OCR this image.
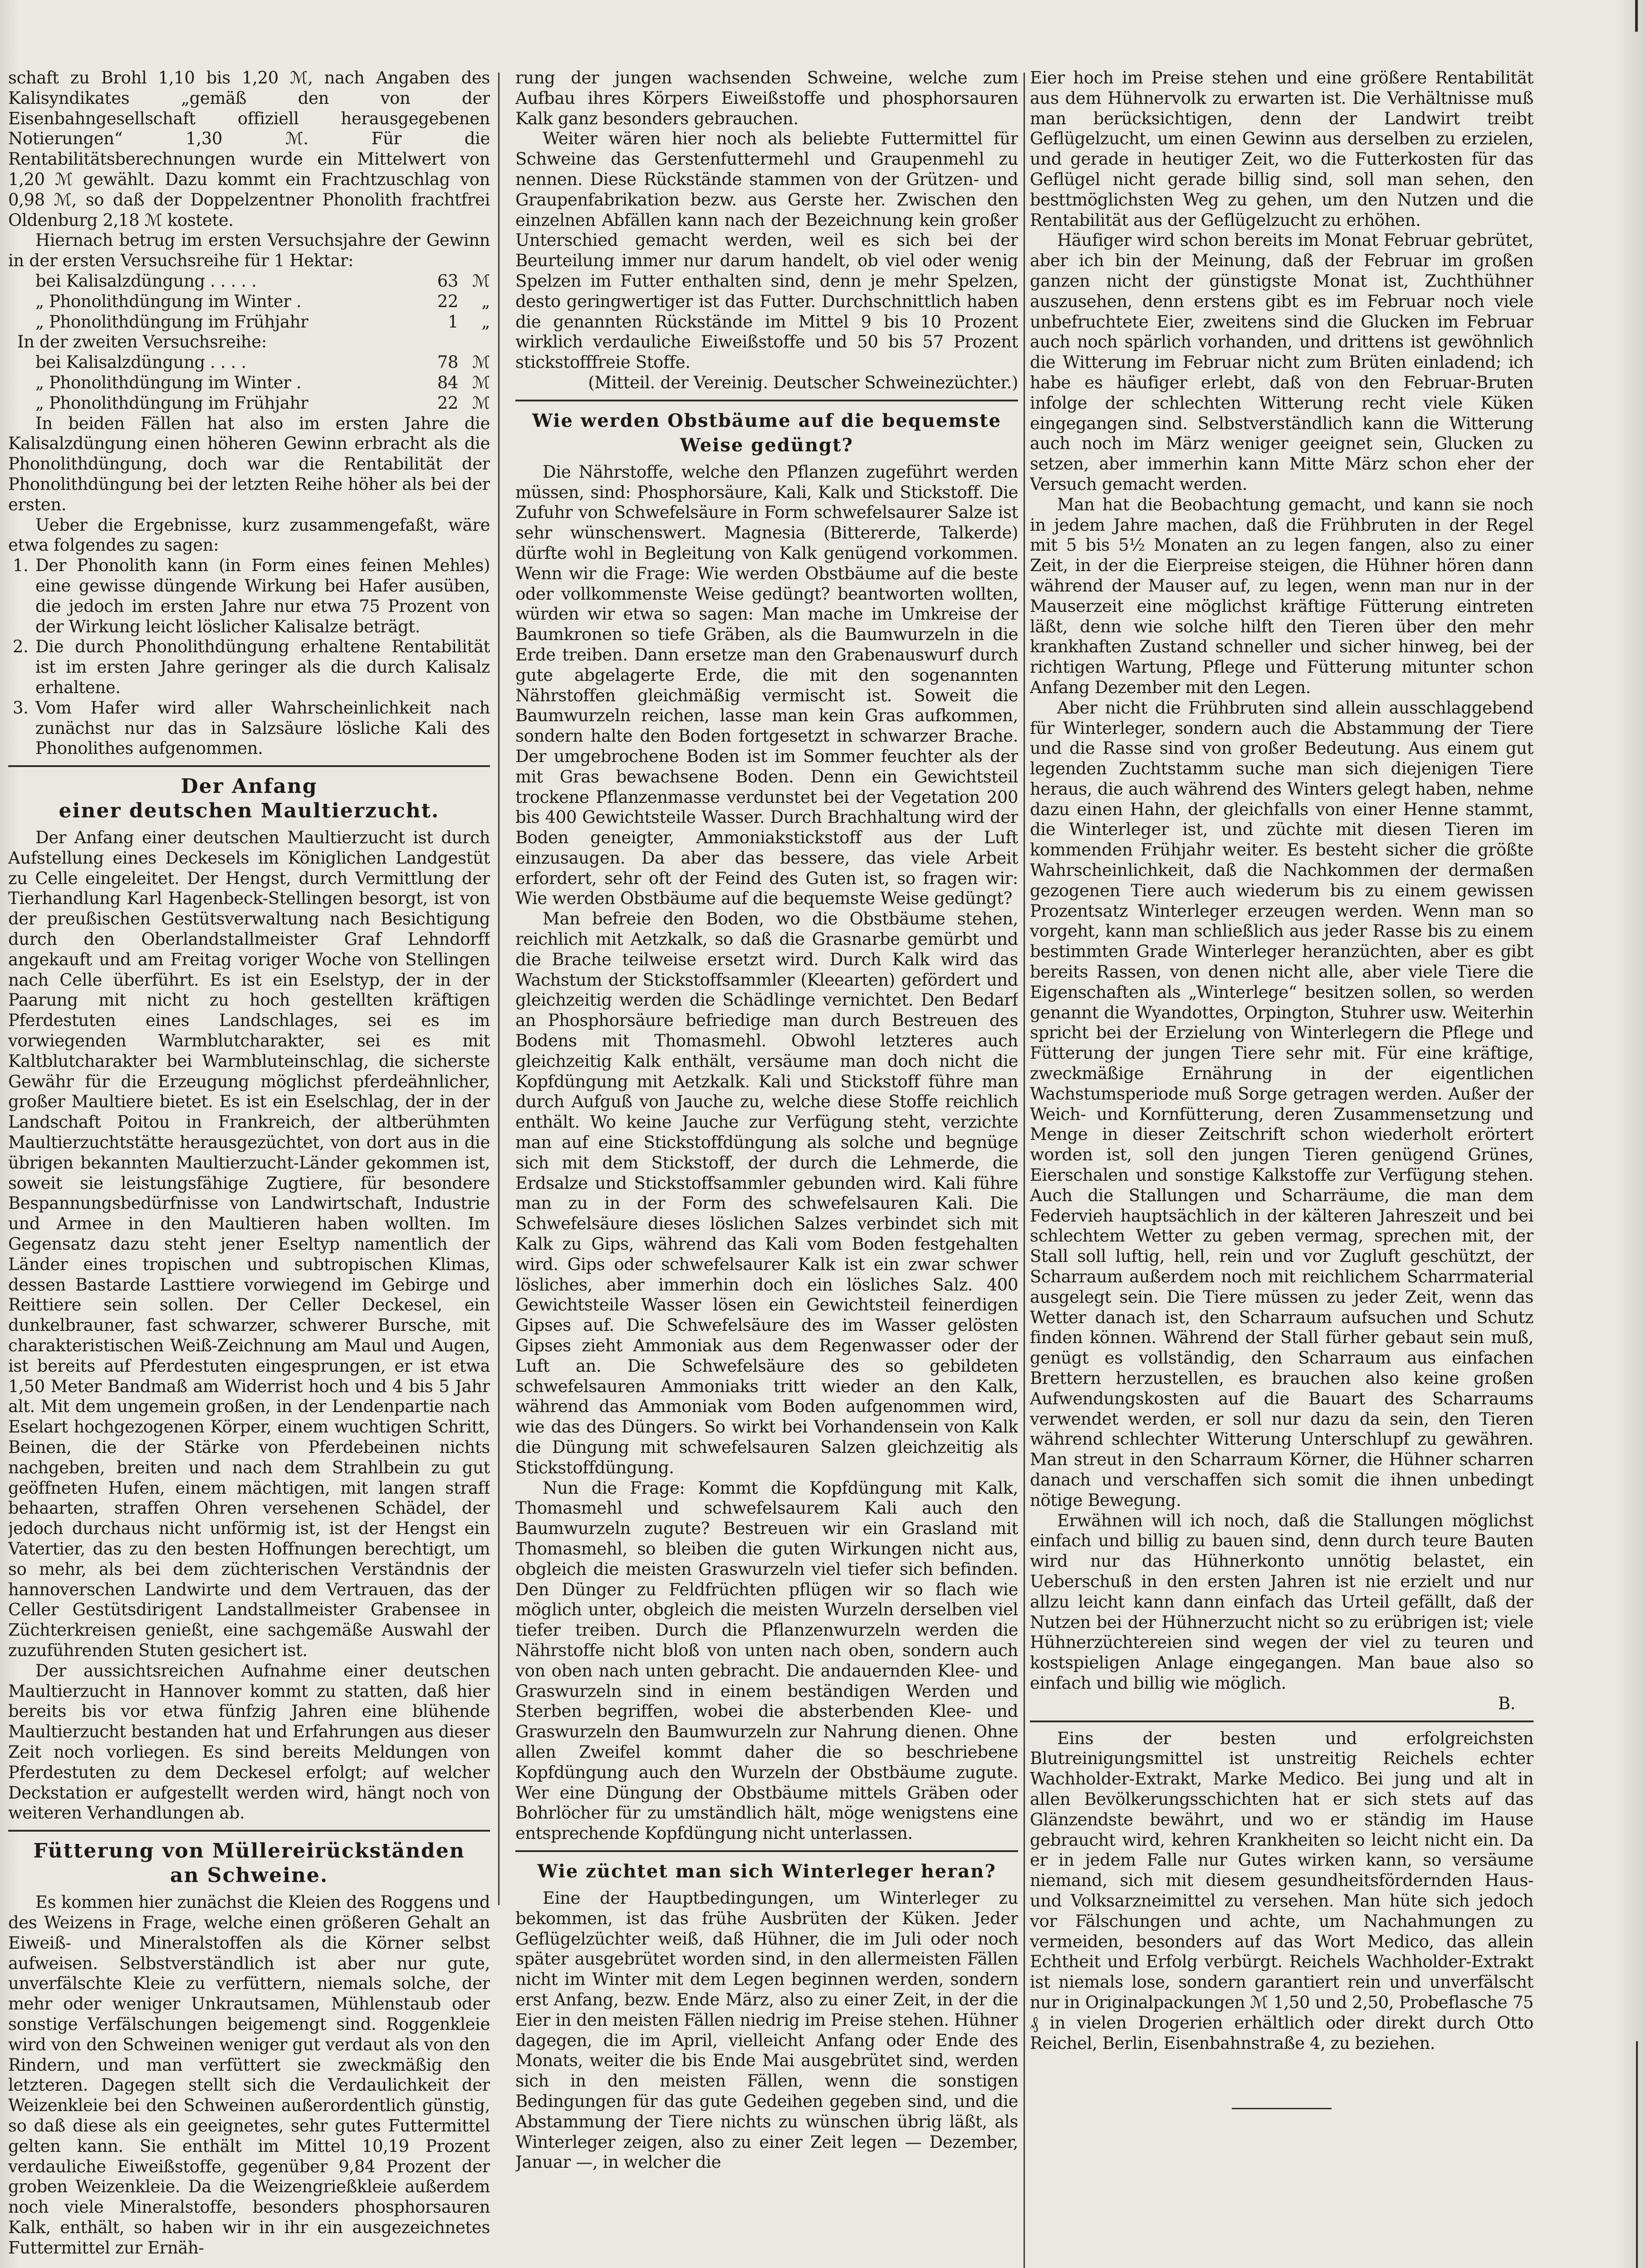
schaft zu Brohl 1,10 bis 1,20 ℳ, nach Angaben des Kalisyndikates „gemäß den von der Eisenbahngesellschaft offiziell herausgegebenen Notierungen“ 1,30 ℳ. Für die Rentabilitätsberechnungen wurde ein Mittelwert von 1,20 ℳ gewählt. Dazu kommt ein Frachtzuschlag von 0,98 ℳ, so daß der Doppelzentner Phonolith frachtfrei Oldenburg 2,18 ℳ kostete.

Hiernach betrug im ersten Versuchsjahre der Gewinn in der ersten Versuchsreihe für 1 Hektar:

bei Kalisalzdüngung . . . . .	63 ℳ
„ Phonolithdüngung im Winter .	22	„
„ Phonolithdüngung im Frühjahr	1	„

In der zweiten Versuchsreihe:

bei Kalisalzdüngung . . . .	78 ℳ
„ Phonolithdüngung im Winter .	84 ℳ
„ Phonolithdüngung im Frühjahr	22 ℳ

In beiden Fällen hat also im ersten Jahre die Kalisalzdüngung einen höheren Gewinn erbracht als die Phonolithdüngung, doch war die Rentabilität der Phonolithdüngung bei der letzten Reihe höher als bei der ersten.

Ueber die Ergebnisse, kurz zusammengefaßt, wäre etwa folgendes zu sagen:

1. Der Phonolith kann (in Form eines feinen Mehles) eine gewisse düngende Wirkung bei Hafer ausüben, die jedoch im ersten Jahre nur etwa 75 Prozent von der Wirkung leicht löslicher Kalisalze beträgt.
2. Die durch Phonolithdüngung erhaltene Rentabilität ist im ersten Jahre geringer als die durch Kalisalz erhaltene.
3. Vom Hafer wird aller Wahrscheinlichkeit nach zunächst nur das in Salzsäure lösliche Kali des Phonolithes aufgenommen.
Der Anfang
einer deutschen Maultierzucht.

Der Anfang einer deutschen Maultierzucht ist durch Aufstellung eines Deckesels im Königlichen Landgestüt zu Celle eingeleitet. Der Hengst, durch Vermittlung der Tierhandlung Karl Hagenbeck-Stellingen besorgt, ist von der preußischen Gestütsverwaltung nach Besichtigung durch den Oberlandstallmeister Graf Lehndorff angekauft und am Freitag voriger Woche von Stellingen nach Celle überführt. Es ist ein Eselstyp, der in der Paarung mit nicht zu hoch gestellten kräftigen Pferdestuten eines Landschlages, sei es im vorwiegenden Warmblutcharakter, sei es mit Kaltblutcharakter bei Warmbluteinschlag, die sicherste Gewähr für die Erzeugung möglichst pferdeähnlicher, großer Maultiere bietet. Es ist ein Eselschlag, der in der Landschaft Poitou in Frankreich, der altberühmten Maultierzuchtstätte herausgezüchtet, von dort aus in die übrigen bekannten Maultierzucht-Länder gekommen ist, soweit sie leistungsfähige Zugtiere, für besondere Bespannungsbedürfnisse von Landwirtschaft, Industrie und Armee in den Maultieren haben wollten. Im Gegensatz dazu steht jener Eseltyp namentlich der Länder eines tropischen und subtropischen Klimas, dessen Bastarde Lasttiere vorwiegend im Gebirge und Reittiere sein sollen. Der Celler Deckesel, ein dunkelbrauner, fast schwarzer, schwerer Bursche, mit charakteristischen Weiß-Zeichnung am Maul und Augen, ist bereits auf Pferdestuten eingesprungen, er ist etwa 1,50 Meter Bandmaß am Widerrist hoch und 4 bis 5 Jahr alt. Mit dem ungemein großen, in der Lendenpartie nach Eselart hochgezogenen Körper, einem wuchtigen Schritt, Beinen, die der Stärke von Pferdebeinen nichts nachgeben, breiten und nach dem Strahlbein zu gut geöffneten Hufen, einem mächtigen, mit langen straff behaarten, straffen Ohren versehenen Schädel, der jedoch durchaus nicht unförmig ist, ist der Hengst ein Vatertier, das zu den besten Hoffnungen berechtigt, um so mehr, als bei dem züchterischen Verständnis der hannoverschen Landwirte und dem Vertrauen, das der Celler Gestütsdirigent Landstallmeister Grabensee in Züchterkreisen genießt, eine sachgemäße Auswahl der zuzuführenden Stuten gesichert ist.

Der aussichtsreichen Aufnahme einer deutschen Maultierzucht in Hannover kommt zu statten, daß hier bereits bis vor etwa fünfzig Jahren eine blühende Maultierzucht bestanden hat und Erfahrungen aus dieser Zeit noch vorliegen. Es sind bereits Meldungen von Pferdestuten zu dem Deckesel erfolgt; auf welcher Deckstation er aufgestellt werden wird, hängt noch von weiteren Verhandlungen ab.

Fütterung von Müllereirückständen
an Schweine.

Es kommen hier zunächst die Kleien des Roggens und des Weizens in Frage, welche einen größeren Gehalt an Eiweiß- und Mineralstoffen als die Körner selbst aufweisen. Selbstverständlich ist aber nur gute, unverfälschte Kleie zu verfüttern, niemals solche, der mehr oder weniger Unkrautsamen, Mühlenstaub oder sonstige Verfälschungen beigemengt sind. Roggenkleie wird von den Schweinen weniger gut verdaut als von den Rindern, und man verfüttert sie zweckmäßig den letzteren. Dagegen stellt sich die Verdaulichkeit der Weizenkleie bei den Schweinen außerordentlich günstig, so daß diese als ein geeignetes, sehr gutes Futtermittel gelten kann. Sie enthält im Mittel 10,19 Prozent verdauliche Eiweißstoffe, gegenüber 9,84 Prozent der groben Weizenkleie. Da die Weizengrießkleie außerdem noch viele Mineralstoffe, besonders phosphorsauren Kalk, enthält, so haben wir in ihr ein ausgezeichnetes Futtermittel zur Ernäh-

rung der jungen wachsenden Schweine, welche zum Aufbau ihres Körpers Eiweißstoffe und phosphorsauren Kalk ganz besonders gebrauchen.

Weiter wären hier noch als beliebte Futtermittel für Schweine das Gerstenfuttermehl und Graupenmehl zu nennen. Diese Rückstände stammen von der Grützen- und Graupenfabrikation bezw. aus Gerste her. Zwischen den einzelnen Abfällen kann nach der Bezeichnung kein großer Unterschied gemacht werden, weil es sich bei der Beurteilung immer nur darum handelt, ob viel oder wenig Spelzen im Futter enthalten sind, denn je mehr Spelzen, desto geringwertiger ist das Futter. Durchschnittlich haben die genannten Rückstände im Mittel 9 bis 10 Prozent wirklich verdauliche Eiweißstoffe und 50 bis 57 Prozent stickstofffreie Stoffe.

(Mitteil. der Vereinig. Deutscher Schweinezüchter.)

Wie werden Obstbäume auf die bequemste Weise gedüngt?

Die Nährstoffe, welche den Pflanzen zugeführt werden müssen, sind: Phosphorsäure, Kali, Kalk und Stickstoff. Die Zufuhr von Schwefelsäure in Form schwefelsaurer Salze ist sehr wünschenswert. Magnesia (Bittererde, Talkerde) dürfte wohl in Begleitung von Kalk genügend vorkommen. Wenn wir die Frage: Wie werden Obstbäume auf die beste oder vollkommenste Weise gedüngt? beantworten wollten, würden wir etwa so sagen: Man mache im Umkreise der Baumkronen so tiefe Gräben, als die Baumwurzeln in die Erde treiben. Dann ersetze man den Grabenauswurf durch gute abgelagerte Erde, die mit den sogenannten Nährstoffen gleichmäßig vermischt ist. Soweit die Baumwurzeln reichen, lasse man kein Gras aufkommen, sondern halte den Boden fortgesetzt in schwarzer Brache. Der umgebrochene Boden ist im Sommer feuchter als der mit Gras bewachsene Boden. Denn ein Gewichtsteil trockene Pflanzenmasse verdunstet bei der Vegetation 200 bis 400 Gewichtsteile Wasser. Durch Brachhaltung wird der Boden geneigter, Ammoniakstickstoff aus der Luft einzusaugen. Da aber das bessere, das viele Arbeit erfordert, sehr oft der Feind des Guten ist, so fragen wir: Wie werden Obstbäume auf die bequemste Weise gedüngt?

Man befreie den Boden, wo die Obstbäume stehen, reichlich mit Aetzkalk, so daß die Grasnarbe gemürbt und die Brache teilweise ersetzt wird. Durch Kalk wird das Wachstum der Stickstoffsammler (Kleearten) gefördert und gleichzeitig werden die Schädlinge vernichtet. Den Bedarf an Phosphorsäure befriedige man durch Bestreuen des Bodens mit Thomasmehl. Obwohl letzteres auch gleichzeitig Kalk enthält, versäume man doch nicht die Kopfdüngung mit Aetzkalk. Kali und Stickstoff führe man durch Aufguß von Jauche zu, welche diese Stoffe reichlich enthält. Wo keine Jauche zur Verfügung steht, verzichte man auf eine Stickstoffdüngung als solche und begnüge sich mit dem Stickstoff, der durch die Lehmerde, die Erdsalze und Stickstoffsammler gebunden wird. Kali führe man zu in der Form des schwefelsauren Kali. Die Schwefelsäure dieses löslichen Salzes verbindet sich mit Kalk zu Gips, während das Kali vom Boden festgehalten wird. Gips oder schwefelsaurer Kalk ist ein zwar schwer lösliches, aber immerhin doch ein lösliches Salz. 400 Gewichtsteile Wasser lösen ein Gewichtsteil feinerdigen Gipses auf. Die Schwefelsäure des im Wasser gelösten Gipses zieht Ammoniak aus dem Regenwasser oder der Luft an. Die Schwefelsäure des so gebildeten schwefelsauren Ammoniaks tritt wieder an den Kalk, während das Ammoniak vom Boden aufgenommen wird, wie das des Düngers. So wirkt bei Vorhandensein von Kalk die Düngung mit schwefelsauren Salzen gleichzeitig als Stickstoffdüngung.

Nun die Frage: Kommt die Kopfdüngung mit Kalk, Thomasmehl und schwefelsaurem Kali auch den Baumwurzeln zugute? Bestreuen wir ein Grasland mit Thomasmehl, so bleiben die guten Wirkungen nicht aus, obgleich die meisten Graswurzeln viel tiefer sich befinden. Den Dünger zu Feldfrüchten pflügen wir so flach wie möglich unter, obgleich die meisten Wurzeln derselben viel tiefer treiben. Durch die Pflanzenwurzeln werden die Nährstoffe nicht bloß von unten nach oben, sondern auch von oben nach unten gebracht. Die andauernden Klee- und Graswurzeln sind in einem beständigen Werden und Sterben begriffen, wobei die absterbenden Klee- und Graswurzeln den Baumwurzeln zur Nahrung dienen. Ohne allen Zweifel kommt daher die so beschriebene Kopfdüngung auch den Wurzeln der Obstbäume zugute. Wer eine Düngung der Obstbäume mittels Gräben oder Bohrlöcher für zu umständlich hält, möge wenigstens eine entsprechende Kopfdüngung nicht unterlassen.

Wie züchtet man sich Winterleger heran?

Eine der Hauptbedingungen, um Winterleger zu bekommen, ist das frühe Ausbrüten der Küken. Jeder Geflügelzüchter weiß, daß Hühner, die im Juli oder noch später ausgebrütet worden sind, in den allermeisten Fällen nicht im Winter mit dem Legen beginnen werden, sondern erst Anfang, bezw. Ende März, also zu einer Zeit, in der die Eier in den meisten Fällen niedrig im Preise stehen. Hühner dagegen, die im April, vielleicht Anfang oder Ende des Monats, weiter die bis Ende Mai ausgebrütet sind, werden sich in den meisten Fällen, wenn die sonstigen Bedingungen für das gute Gedeihen gegeben sind, und die Abstammung der Tiere nichts zu wünschen übrig läßt, als Winterleger zeigen, also zu einer Zeit legen — Dezember, Januar —, in welcher die

Eier hoch im Preise stehen und eine größere Rentabilität aus dem Hühnervolk zu erwarten ist. Die Verhältnisse muß man berücksichtigen, denn der Landwirt treibt Geflügelzucht, um einen Gewinn aus derselben zu erzielen, und gerade in heutiger Zeit, wo die Futterkosten für das Geflügel nicht gerade billig sind, soll man sehen, den besttmöglichsten Weg zu gehen, um den Nutzen und die Rentabilität aus der Geflügelzucht zu erhöhen.

Häufiger wird schon bereits im Monat Februar gebrütet, aber ich bin der Meinung, daß der Februar im großen ganzen nicht der günstigste Monat ist, Zuchthühner auszusehen, denn erstens gibt es im Februar noch viele unbefruchtete Eier, zweitens sind die Glucken im Februar auch noch spärlich vorhanden, und drittens ist gewöhnlich die Witterung im Februar nicht zum Brüten einladend; ich habe es häufiger erlebt, daß von den Februar-Bruten infolge der schlechten Witterung recht viele Küken eingegangen sind. Selbstverständlich kann die Witterung auch noch im März weniger geeignet sein, Glucken zu setzen, aber immerhin kann Mitte März schon eher der Versuch gemacht werden.

Man hat die Beobachtung gemacht, und kann sie noch in jedem Jahre machen, daß die Frühbruten in der Regel mit 5 bis 5½ Monaten an zu legen fangen, also zu einer Zeit, in der die Eierpreise steigen, die Hühner hören dann während der Mauser auf, zu legen, wenn man nur in der Mauserzeit eine möglichst kräftige Fütterung eintreten läßt, denn wie solche hilft den Tieren über den mehr krankhaften Zustand schneller und sicher hinweg, bei der richtigen Wartung, Pflege und Fütterung mitunter schon Anfang Dezember mit den Legen.

Aber nicht die Frühbruten sind allein ausschlaggebend für Winterleger, sondern auch die Abstammung der Tiere und die Rasse sind von großer Bedeutung. Aus einem gut legenden Zuchtstamm suche man sich diejenigen Tiere heraus, die auch während des Winters gelegt haben, nehme dazu einen Hahn, der gleichfalls von einer Henne stammt, die Winterleger ist, und züchte mit diesen Tieren im kommenden Frühjahr weiter. Es besteht sicher die größte Wahrscheinlichkeit, daß die Nachkommen der dermaßen gezogenen Tiere auch wiederum bis zu einem gewissen Prozentsatz Winterleger erzeugen werden. Wenn man so vorgeht, kann man schließlich aus jeder Rasse bis zu einem bestimmten Grade Winterleger heranzüchten, aber es gibt bereits Rassen, von denen nicht alle, aber viele Tiere die Eigenschaften als „Winterlege“ besitzen sollen, so werden genannt die Wyandottes, Orpington, Stuhrer usw. Weiterhin spricht bei der Erzielung von Winterlegern die Pflege und Fütterung der jungen Tiere sehr mit. Für eine kräftige, zweckmäßige Ernährung in der eigentlichen Wachstumsperiode muß Sorge getragen werden. Außer der Weich- und Kornfütterung, deren Zusammensetzung und Menge in dieser Zeitschrift schon wiederholt erörtert worden ist, soll den jungen Tieren genügend Grünes, Eierschalen und sonstige Kalkstoffe zur Verfügung stehen. Auch die Stallungen und Scharräume, die man dem Federvieh hauptsächlich in der kälteren Jahreszeit und bei schlechtem Wetter zu geben vermag, sprechen mit, der Stall soll luftig, hell, rein und vor Zugluft geschützt, der Scharraum außerdem noch mit reichlichem Scharrmaterial ausgelegt sein. Die Tiere müssen zu jeder Zeit, wenn das Wetter danach ist, den Scharraum aufsuchen und Schutz finden können. Während der Stall fürher gebaut sein muß, genügt es vollständig, den Scharraum aus einfachen Brettern herzustellen, es brauchen also keine großen Aufwendungskosten auf die Bauart des Scharraums verwendet werden, er soll nur dazu da sein, den Tieren während schlechter Witterung Unterschlupf zu gewähren. Man streut in den Scharraum Körner, die Hühner scharren danach und verschaffen sich somit die ihnen unbedingt nötige Bewegung.

Erwähnen will ich noch, daß die Stallungen möglichst einfach und billig zu bauen sind, denn durch teure Bauten wird nur das Hühnerkonto unnötig belastet, ein Ueberschuß in den ersten Jahren ist nie erzielt und nur allzu leicht kann dann einfach das Urteil gefällt, daß der Nutzen bei der Hühnerzucht nicht so zu erübrigen ist; viele Hühnerzüchtereien sind wegen der viel zu teuren und kostspieligen Anlage eingegangen. Man baue also so einfach und billig wie möglich.

B.

Eins der besten und erfolgreichsten Blutreinigungsmittel ist unstreitig Reichels echter Wachholder-Extrakt, Marke Medico. Bei jung und alt in allen Bevölkerungsschichten hat er sich stets auf das Glänzendste bewährt, und wo er ständig im Hause gebraucht wird, kehren Krankheiten so leicht nicht ein. Da er in jedem Falle nur Gutes wirken kann, so versäume niemand, sich mit diesem gesundheitsfördernden Haus- und Volksarzneimittel zu versehen. Man hüte sich jedoch vor Fälschungen und achte, um Nachahmungen zu vermeiden, besonders auf das Wort Medico, das allein Echtheit und Erfolg verbürgt. Reichels Wachholder-Extrakt ist niemals lose, sondern garantiert rein und unverfälscht nur in Originalpackungen ℳ 1,50 und 2,50, Probeflasche 75 ₰ in vielen Drogerien erhältlich oder direkt durch Otto Reichel, Berlin, Eisenbahnstraße 4, zu beziehen.
